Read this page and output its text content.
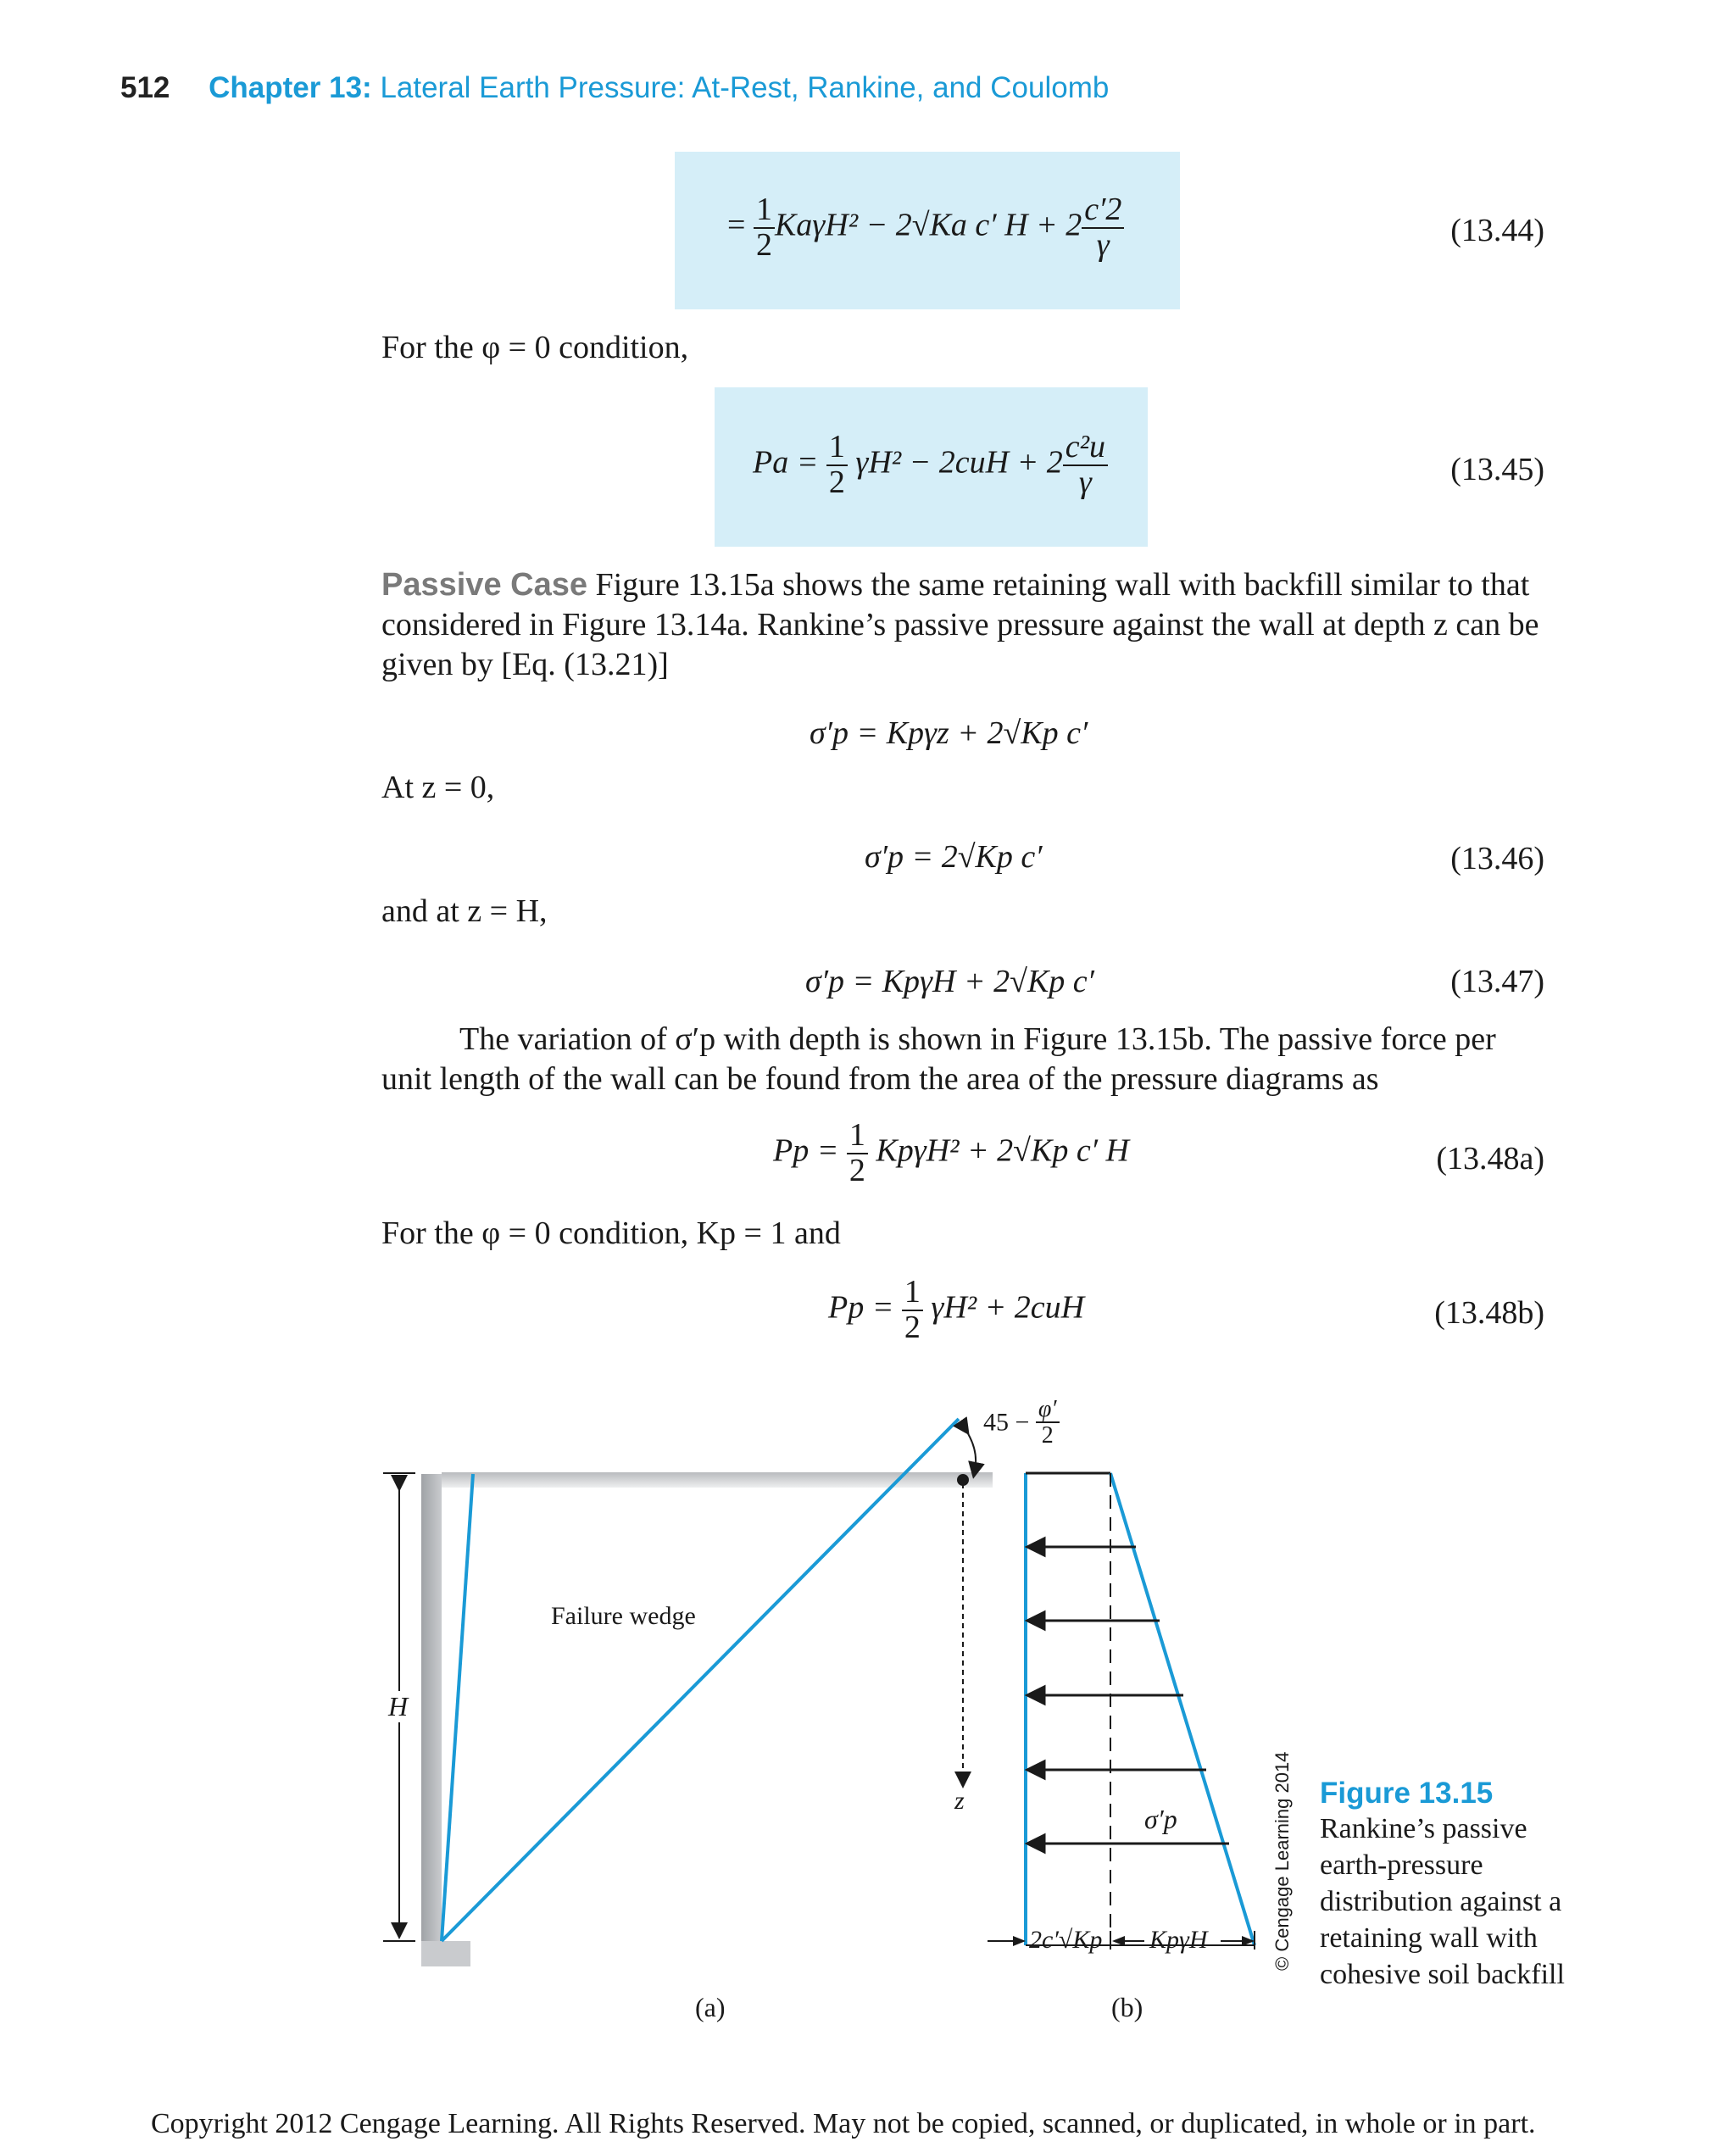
512 Chapter 13: Lateral Earth Pressure: At-Rest, Rankine, and Coulomb
= $\frac{1}{2} Ka\gamma H^2 - 2√Ka$ c′ $H + 2 \frac{c'2}{\gamma}$	(13.44)
For the φ = 0 condition,
$Pa = \frac{1}{2} \gamma H^2 - 2cuH + 2 \frac{\text{c²u}}{\gamma}$	(13.45)
Passive Case Figure 13.15a shows the same retaining wall with backfill similar to that considered in Figure 13.14a. Rankine’s passive pressure against the wall at depth z can be given by [Eq. (13.21)]
σ′p = Kpγz + 2√Kp c′
At z = 0,
σ′p = 2√Kp c′	(13.46)
and at z = H,
σ′p = KpγH + 2√Kp c′	(13.47)
The variation of σ′p with depth is shown in Figure 13.15b. The passive force per unit length of the wall can be found from the area of the pressure diagrams as
$Pp = \frac{1}{2} Kp\gamma H^2 + 2√Kp$ c′ H	(13.48a)
For the φ = 0 condition, Kp = 1 and
$Pp = \frac{1}{2} \gamma H^2 + 2cuH$	(13.48b)
Failure wedge
H
z
$45 - \frac{\varphi'}{2}$
σ′p
2c′√Kp KpγH
(a)	(b)
© Cengage Learning 2014 Figure 13.15
Rankine’s passive earth-pressure distribution against a retaining wall with cohesive soil backfill
Copyright 2012 Cengage Learning. All Rights Reserved. May not be copied, scanned, or duplicated, in whole or in part.
